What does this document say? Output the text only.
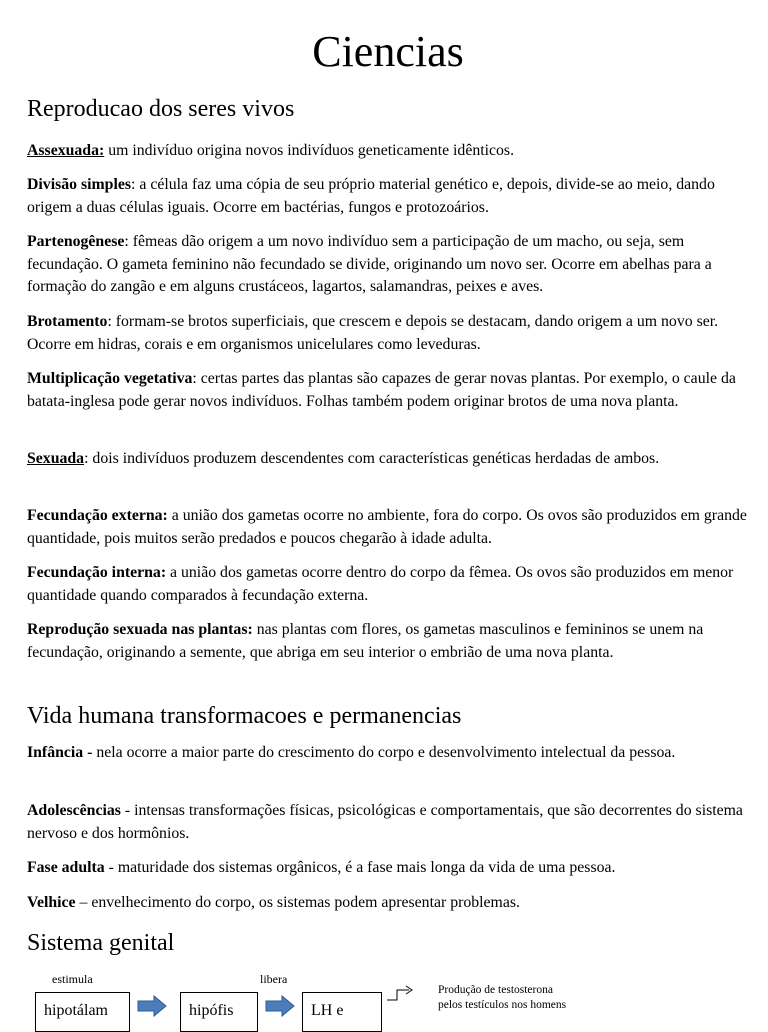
Ciencias
Reproducao dos seres vivos

Assexuada: um indivíduo origina novos indivíduos geneticamente idênticos.

Divisão simples: a célula faz uma cópia de seu próprio material genético e, depois, divide-se ao meio, dando origem a duas células iguais. Ocorre em bactérias, fungos e protozoários.

Partenogênese: fêmeas dão origem a um novo indivíduo sem a participação de um macho, ou seja, sem fecundação. O gameta feminino não fecundado se divide, originando um novo ser. Ocorre em abelhas para a formação do zangão e em alguns crustáceos, lagartos, salamandras, peixes e aves.

Brotamento: formam-se brotos superficiais, que crescem e depois se destacam, dando origem a um novo ser. Ocorre em hidras, corais e em organismos unicelulares como leveduras.

Multiplicação vegetativa: certas partes das plantas são capazes de gerar novas plantas. Por exemplo, o caule da batata-inglesa pode gerar novos indivíduos. Folhas também podem originar brotos de uma nova planta.

Sexuada: dois indivíduos produzem descendentes com características genéticas herdadas de ambos.

Fecundação externa: a união dos gametas ocorre no ambiente, fora do corpo. Os ovos são produzidos em grande quantidade, pois muitos serão predados e poucos chegarão à idade adulta.

Fecundação interna: a união dos gametas ocorre dentro do corpo da fêmea. Os ovos são produzidos em menor quantidade quando comparados à fecundação externa.

Reprodução sexuada nas plantas: nas plantas com flores, os gametas masculinos e femininos se unem na fecundação, originando a semente, que abriga em seu interior o embrião de uma nova planta.

Vida humana transformacoes e permanencias

Infância - nela ocorre a maior parte do crescimento do corpo e desenvolvimento intelectual da pessoa.

Adolescências - intensas transformações físicas, psicológicas e comportamentais, que são decorrentes do sistema nervoso e dos hormônios.

Fase adulta - maturidade dos sistemas orgânicos, é a fase mais longa da vida de uma pessoa.

Velhice – envelhecimento do corpo, os sistemas podem apresentar problemas.

Sistema genital
estimula	libera
hipotálam	hipófis	LH e
Produção de testosterona
pelos testículos nos homens
